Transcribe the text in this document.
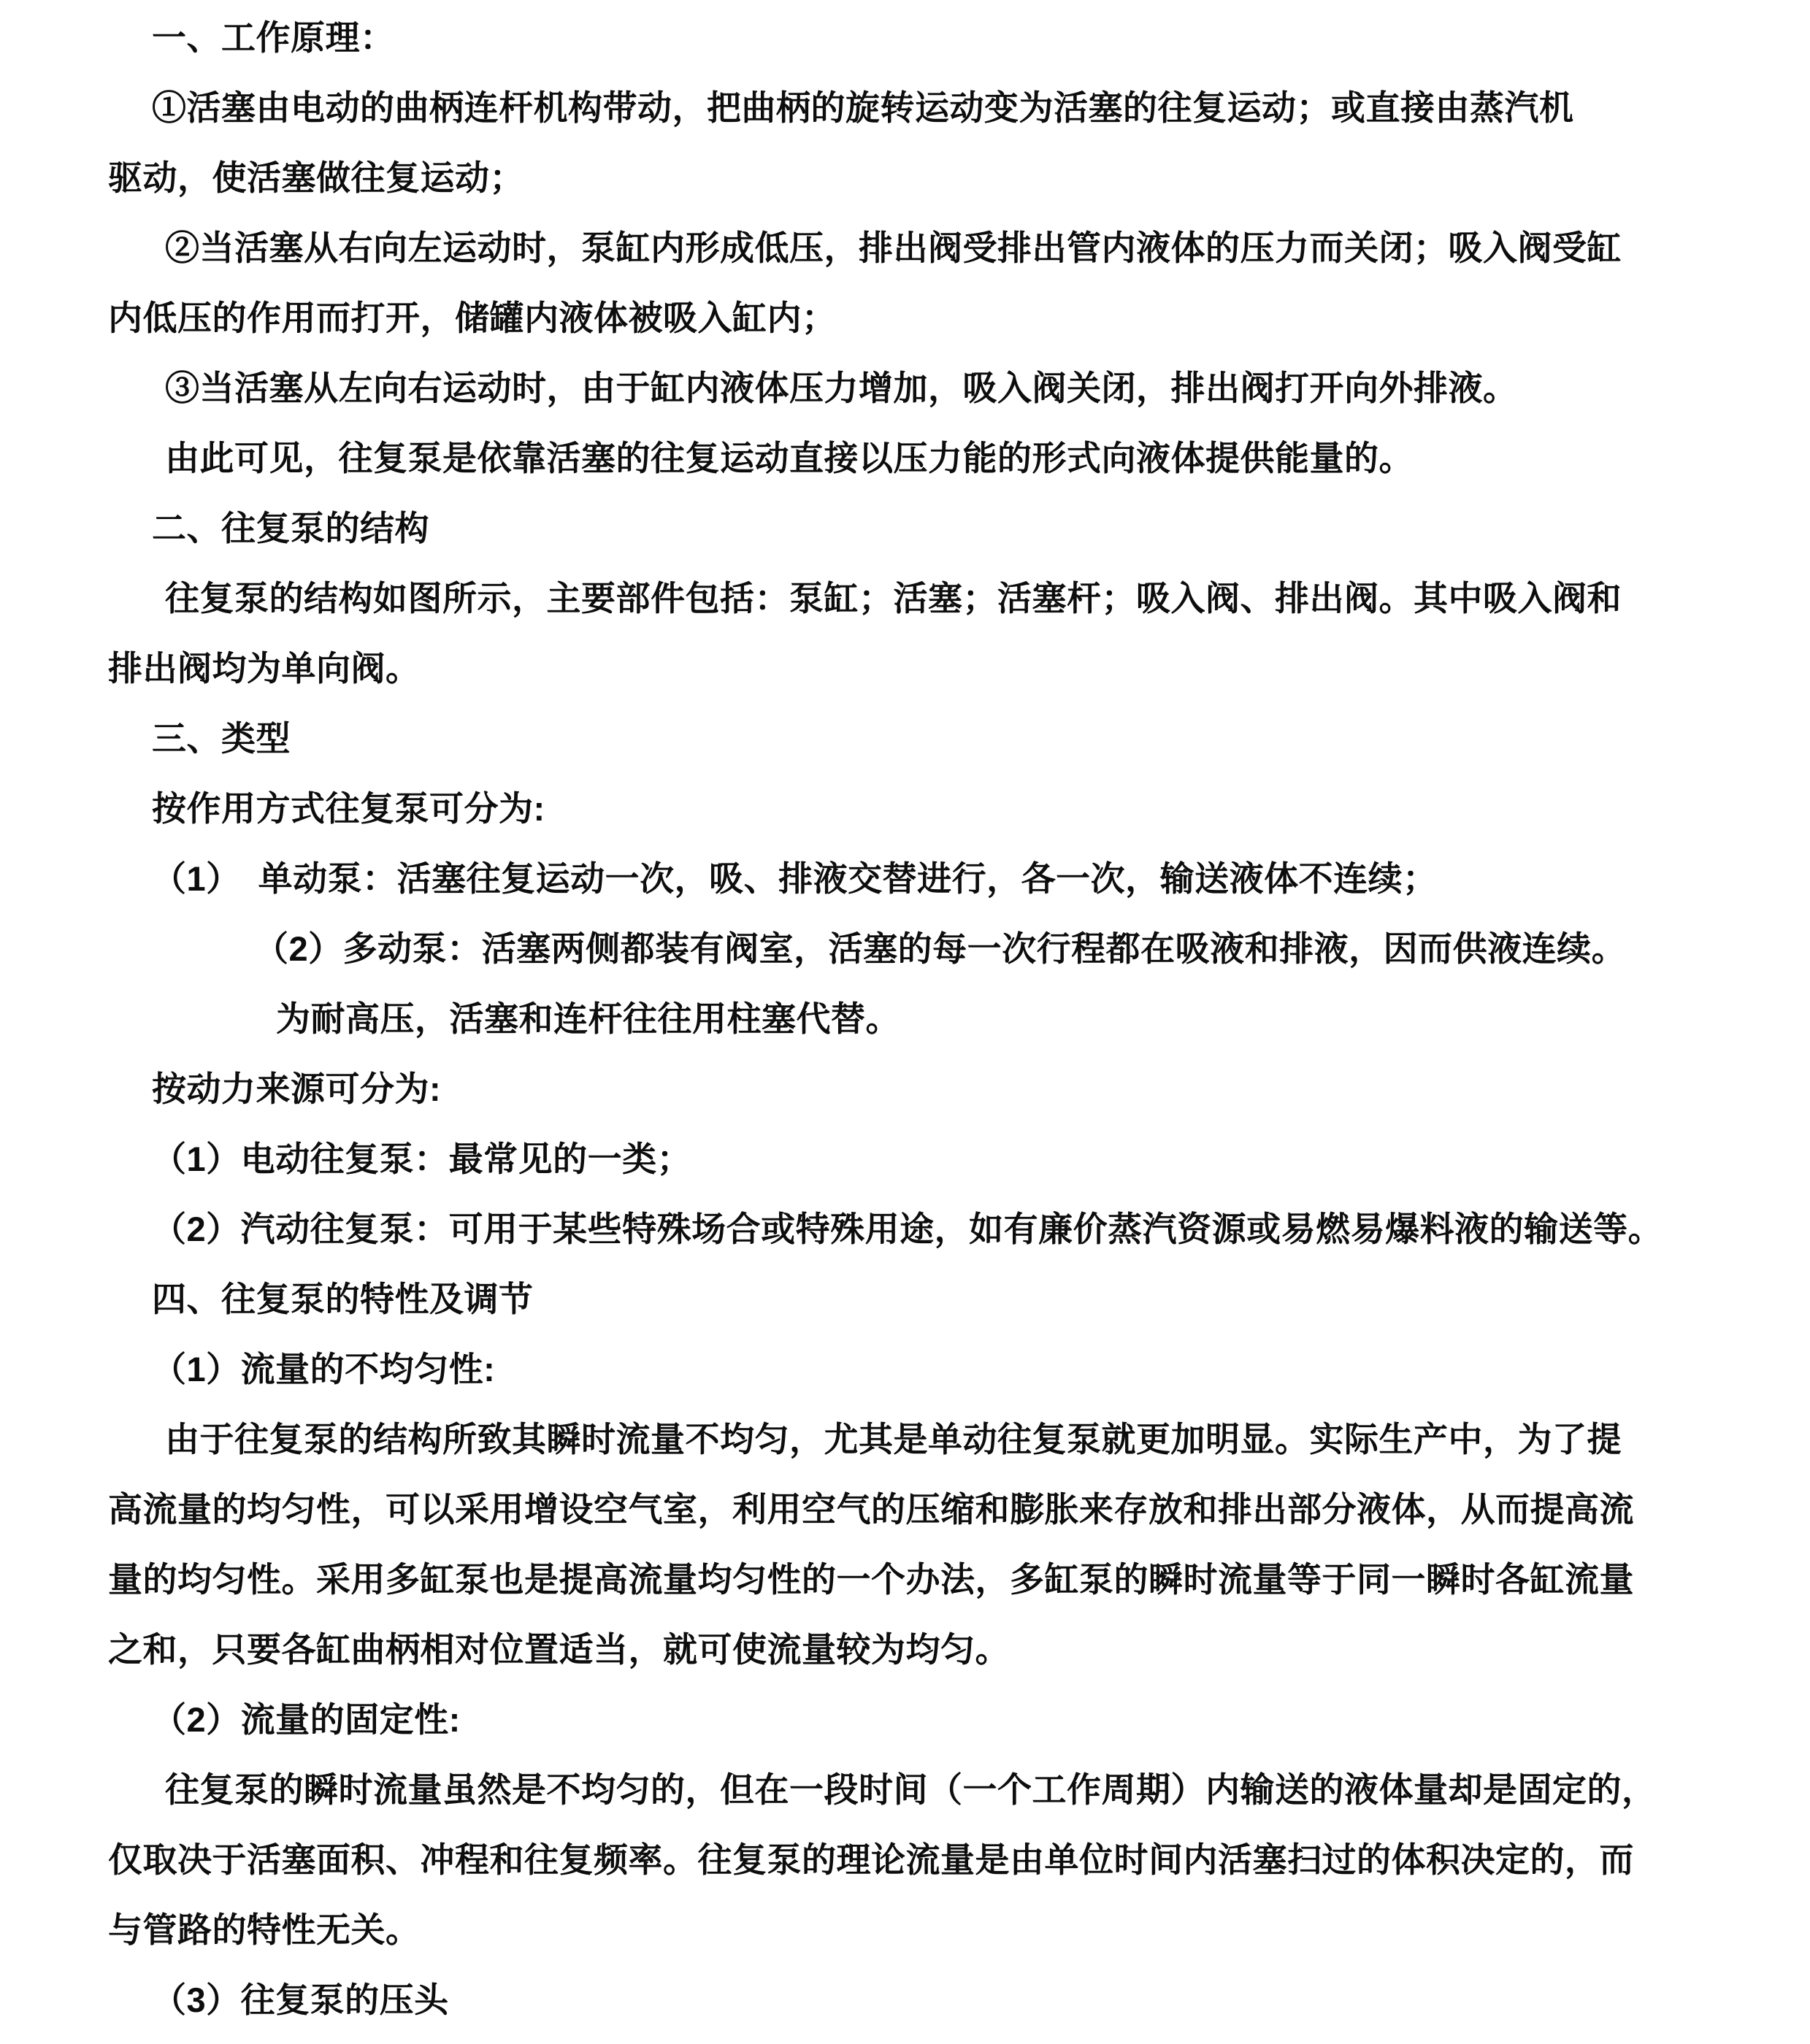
一、工作原理：
①活塞由电动的曲柄连杆机构带动，把曲柄的旋转运动变为活塞的往复运动；或直接由蒸汽机
驱动，使活塞做往复运动；
②当活塞从右向左运动时，泵缸内形成低压，排出阀受排出管内液体的压力而关闭；吸入阀受缸
内低压的作用而打开，储罐内液体被吸入缸内；
③当活塞从左向右运动时，由于缸内液体压力增加，吸入阀关闭，排出阀打开向外排液。
由此可见，往复泵是依靠活塞的往复运动直接以压力能的形式向液体提供能量的。
二、往复泵的结构
往复泵的结构如图所示，主要部件包括：泵缸；活塞；活塞杆；吸入阀、排出阀。其中吸入阀和
排出阀均为单向阀。
三、类型
按作用方式往复泵可分为:
（1）　单动泵：活塞往复运动一次，吸、排液交替进行，各一次，输送液体不连续；
（2）多动泵：活塞两侧都装有阀室，活塞的每一次行程都在吸液和排液，因而供液连续。
为耐高压，活塞和连杆往往用柱塞代替。
按动力来源可分为:
（1）电动往复泵：最常见的一类；
（2）汽动往复泵：可用于某些特殊场合或特殊用途，如有廉价蒸汽资源或易燃易爆料液的输送等。
四、往复泵的特性及调节
（1）流量的不均匀性:
由于往复泵的结构所致其瞬时流量不均匀，尤其是单动往复泵就更加明显。实际生产中，为了提
高流量的均匀性，可以采用增设空气室，利用空气的压缩和膨胀来存放和排出部分液体，从而提高流
量的均匀性。采用多缸泵也是提高流量均匀性的一个办法，多缸泵的瞬时流量等于同一瞬时各缸流量
之和，只要各缸曲柄相对位置适当，就可使流量较为均匀。
（2）流量的固定性:
往复泵的瞬时流量虽然是不均匀的，但在一段时间（一个工作周期）内输送的液体量却是固定的，
仅取决于活塞面积、冲程和往复频率。往复泵的理论流量是由单位时间内活塞扫过的体积决定的，而
与管路的特性无关。
（3）往复泵的压头
